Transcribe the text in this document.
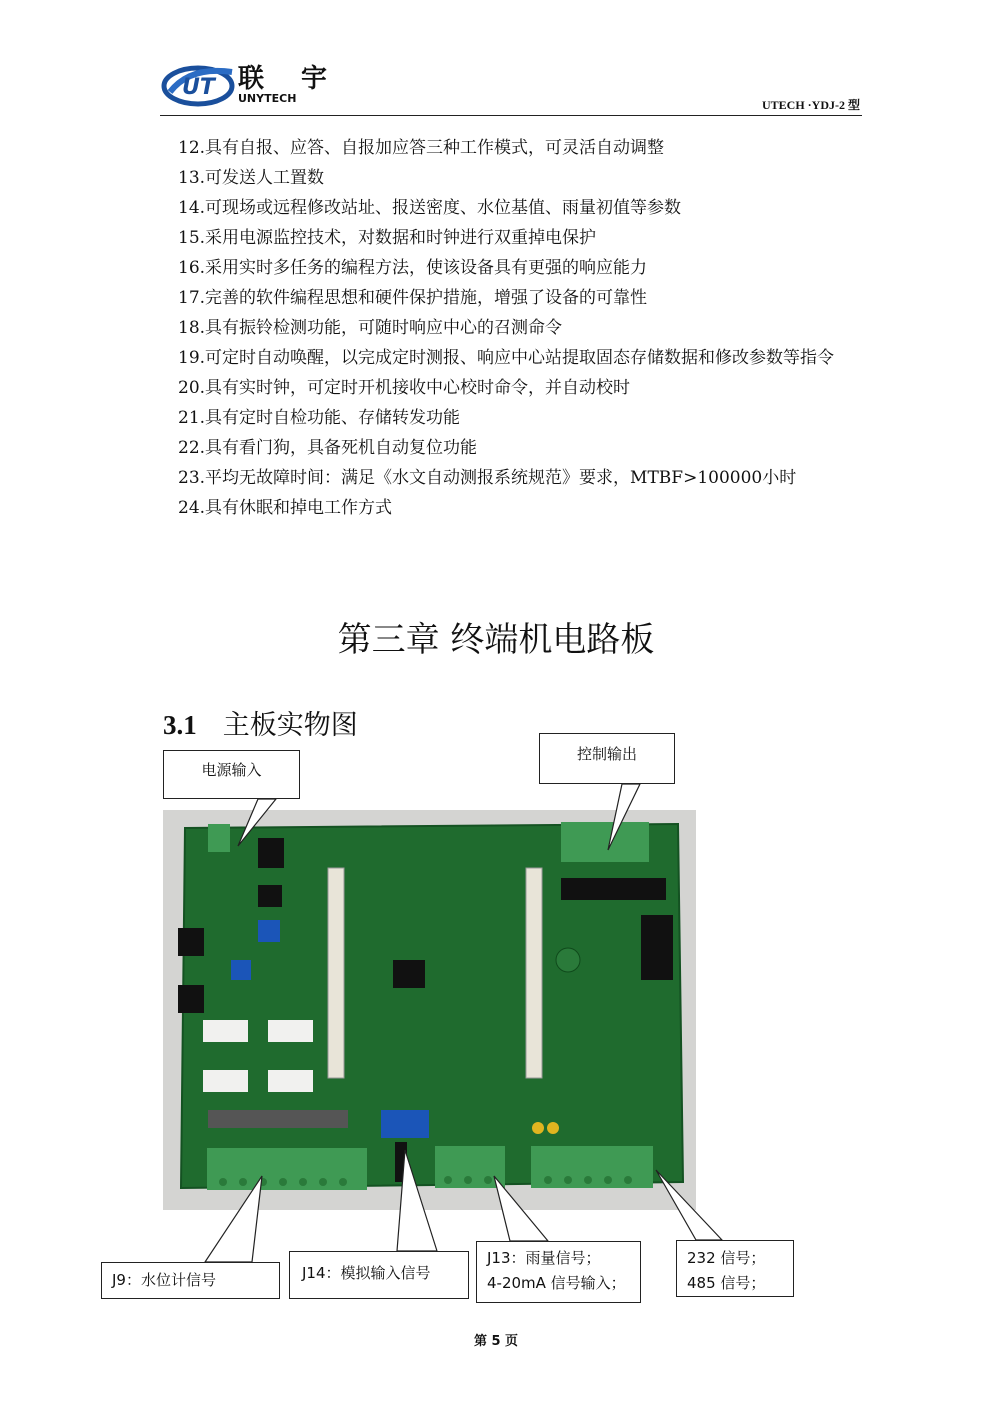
UT 联 宇
UNYTECH	UTECH ·YDJ-2 型
12.具有自报、应答、自报加应答三种工作模式，可灵活自动调整
13.可发送人工置数
14.可现场或远程修改站址、报送密度、水位基值、雨量初值等参数
15.采用电源监控技术，对数据和时钟进行双重掉电保护
16.采用实时多任务的编程方法，使该设备具有更强的响应能力
17.完善的软件编程思想和硬件保护措施，增强了设备的可靠性
18.具有振铃检测功能，可随时响应中心的召测命令
19.可定时自动唤醒，以完成定时测报、响应中心站提取固态存储数据和修改参数等指令
20.具有实时钟，可定时开机接收中心校时命令，并自动校时
21.具有定时自检功能、存储转发功能
22.具有看门狗，具备死机自动复位功能
23.平均无故障时间：满足《水文自动测报系统规范》要求，MTBF>100000小时
24.具有休眠和掉电工作方式
第三章 终端机电路板
3.1 主板实物图
电源输入
控制输出
J9：水位计信号	J14：模拟输入信号
J13：雨量信号；
4-20mA 信号输入；
232 信号；
485 信号；
第 5 页
